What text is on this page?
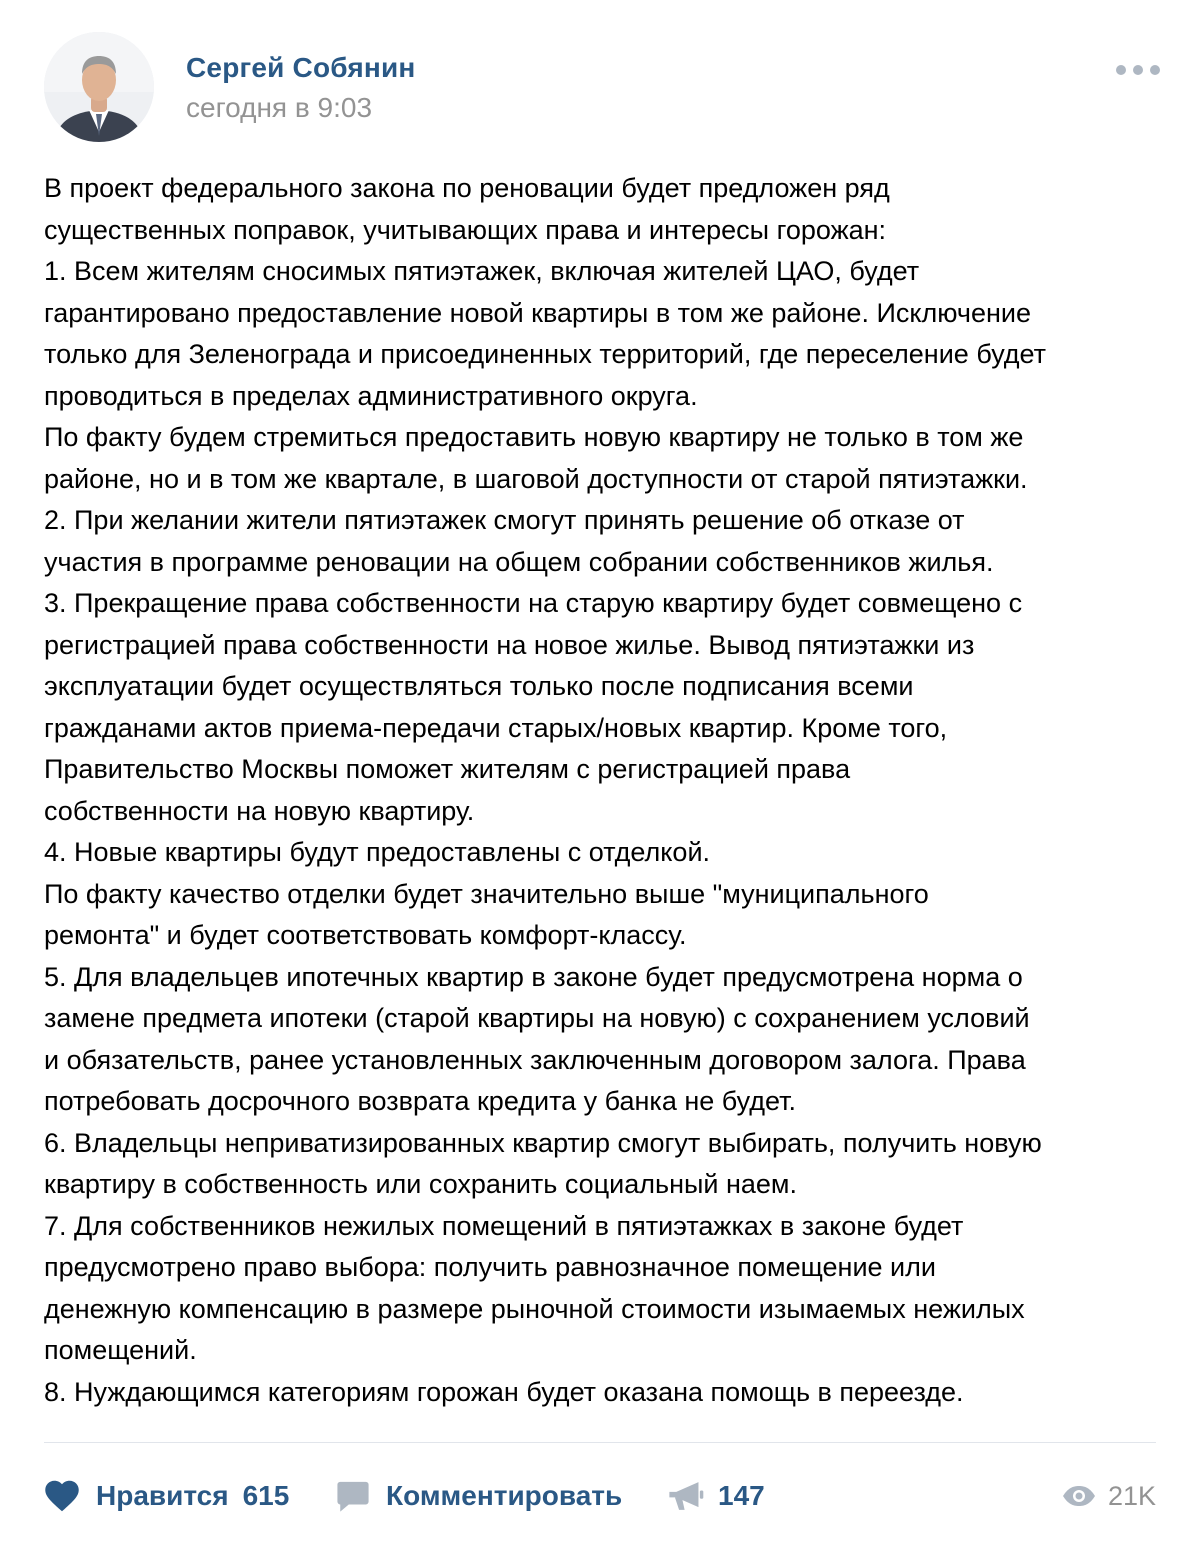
Сергей Собянин
сегодня в 9:03

В проект федерального закона по реновации будет предложен ряд

существенных поправок, учитывающих права и интересы горожан:

1. Всем жителям сносимых пятиэтажек, включая жителей ЦАО, будет

гарантировано предоставление новой квартиры в том же районе. Исключение

только для Зеленограда и присоединенных территорий, где переселение будет

проводиться в пределах административного округа.

По факту будем стремиться предоставить новую квартиру не только в том же

районе, но и в том же квартале, в шаговой доступности от старой пятиэтажки.

2. При желании жители пятиэтажек смогут принять решение об отказе от

участия в программе реновации на общем собрании собственников жилья.

3. Прекращение права собственности на старую квартиру будет совмещено с

регистрацией права собственности на новое жилье. Вывод пятиэтажки из

эксплуатации будет осуществляться только после подписания всеми

гражданами актов приема-передачи старых/новых квартир. Кроме того,

Правительство Москвы поможет жителям с регистрацией права

собственности на новую квартиру.

4. Новые квартиры будут предоставлены с отделкой.

По факту качество отделки будет значительно выше "муниципального

ремонта" и будет соответствовать комфорт-классу.

5. Для владельцев ипотечных квартир в законе будет предусмотрена норма о

замене предмета ипотеки (старой квартиры на новую) с сохранением условий

и обязательств, ранее установленных заключенным договором залога. Права

потребовать досрочного возврата кредита у банка не будет.

6. Владельцы неприватизированных квартир смогут выбирать, получить новую

квартиру в собственность или сохранить социальный наем.

7. Для собственников нежилых помещений в пятиэтажках в законе будет

предусмотрено право выбора: получить равнозначное помещение или

денежную компенсацию в размере рыночной стоимости изымаемых нежилых

помещений.

8. Нуждающимся категориям горожан будет оказана помощь в переезде.

Нравится 615	Комментировать	147	21K
